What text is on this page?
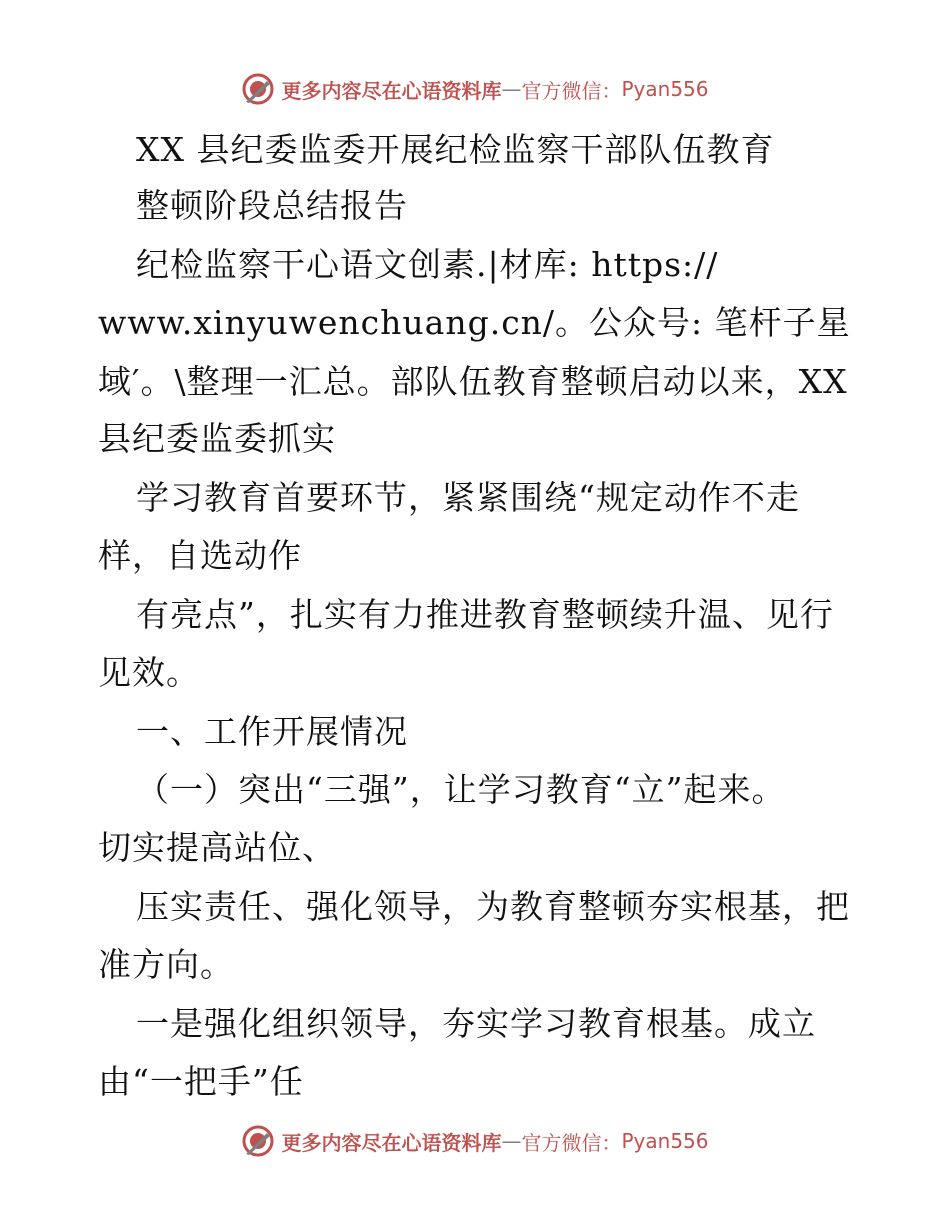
更多内容尽在心语资料库 — 官方微信： Pyan556
XX 县纪委监委开展纪检监察干部队伍教育
整顿阶段总结报告
纪检监察干心语文创素.|材库: https://
www.xinyuwenchuang.cn/。公众号: 笔杆子星
域′。\整理一汇总。部队伍教育整顿启动以来，XX
县纪委监委抓实
学习教育首要环节，紧紧围绕“规定动作不走
样，自选动作
有亮点”，扎实有力推进教育整顿续升温、见行
见效。
一、工作开展情况
（一）突出“三强”，让学习教育“立”起来。
切实提高站位、
压实责任、强化领导，为教育整顿夯实根基，把
准方向。
一是强化组织领导，夯实学习教育根基。成立
由“一把手”任
更多内容尽在心语资料库 — 官方微信： Pyan556
